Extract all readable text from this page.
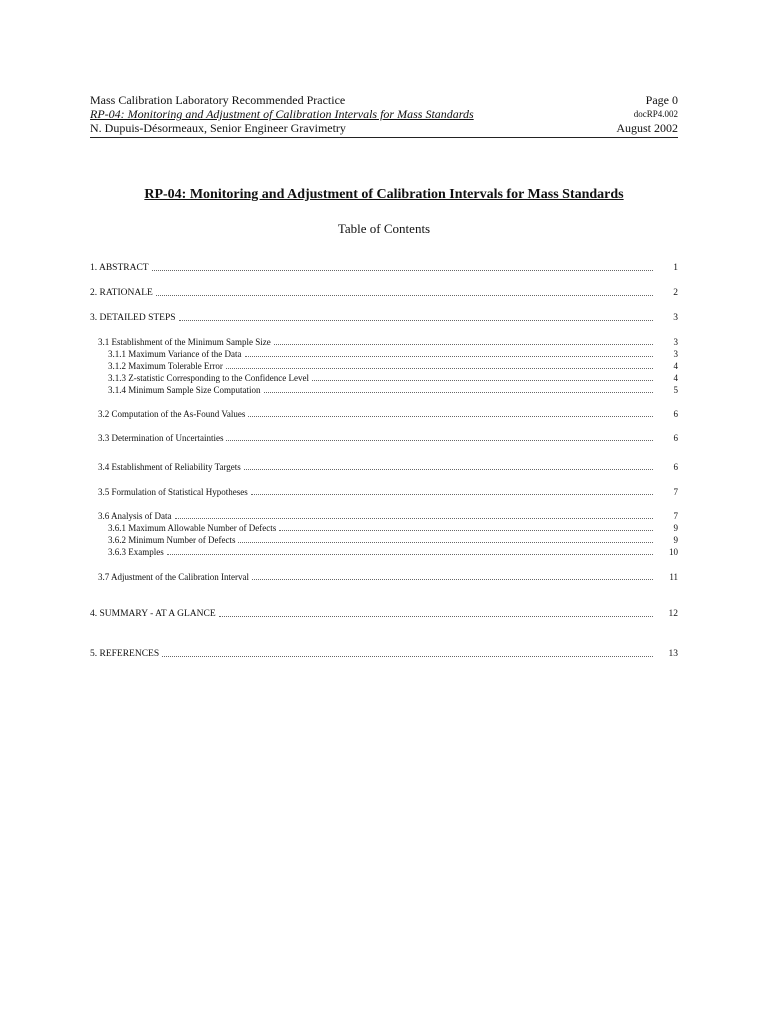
Mass Calibration Laboratory Recommended Practice	Page 0
RP-04: Monitoring and Adjustment of Calibration Intervals for Mass Standards	docRP4.002
N. Dupuis-Désormeaux, Senior Engineer Gravimetry	August 2002
RP-04: Monitoring and Adjustment of Calibration Intervals for Mass Standards
Table of Contents
1. ABSTRACT	1
2. RATIONALE	2
3. DETAILED STEPS	3
3.1 Establishment of the Minimum Sample Size	3
3.1.1 Maximum Variance of the Data	3
3.1.2 Maximum Tolerable Error	4
3.1.3 Z-statistic Corresponding to the Confidence Level	4
3.1.4 Minimum Sample Size Computation	5
3.2 Computation of the As-Found Values	6
3.3 Determination of Uncertainties	6
3.4 Establishment of Reliability Targets	6
3.5 Formulation of Statistical Hypotheses	7
3.6 Analysis of Data	7
3.6.1 Maximum Allowable Number of Defects	9
3.6.2 Minimum Number of Defects	9
3.6.3 Examples	10
3.7 Adjustment of the Calibration Interval	11
4. SUMMARY - AT A GLANCE	12
5. REFERENCES	13
